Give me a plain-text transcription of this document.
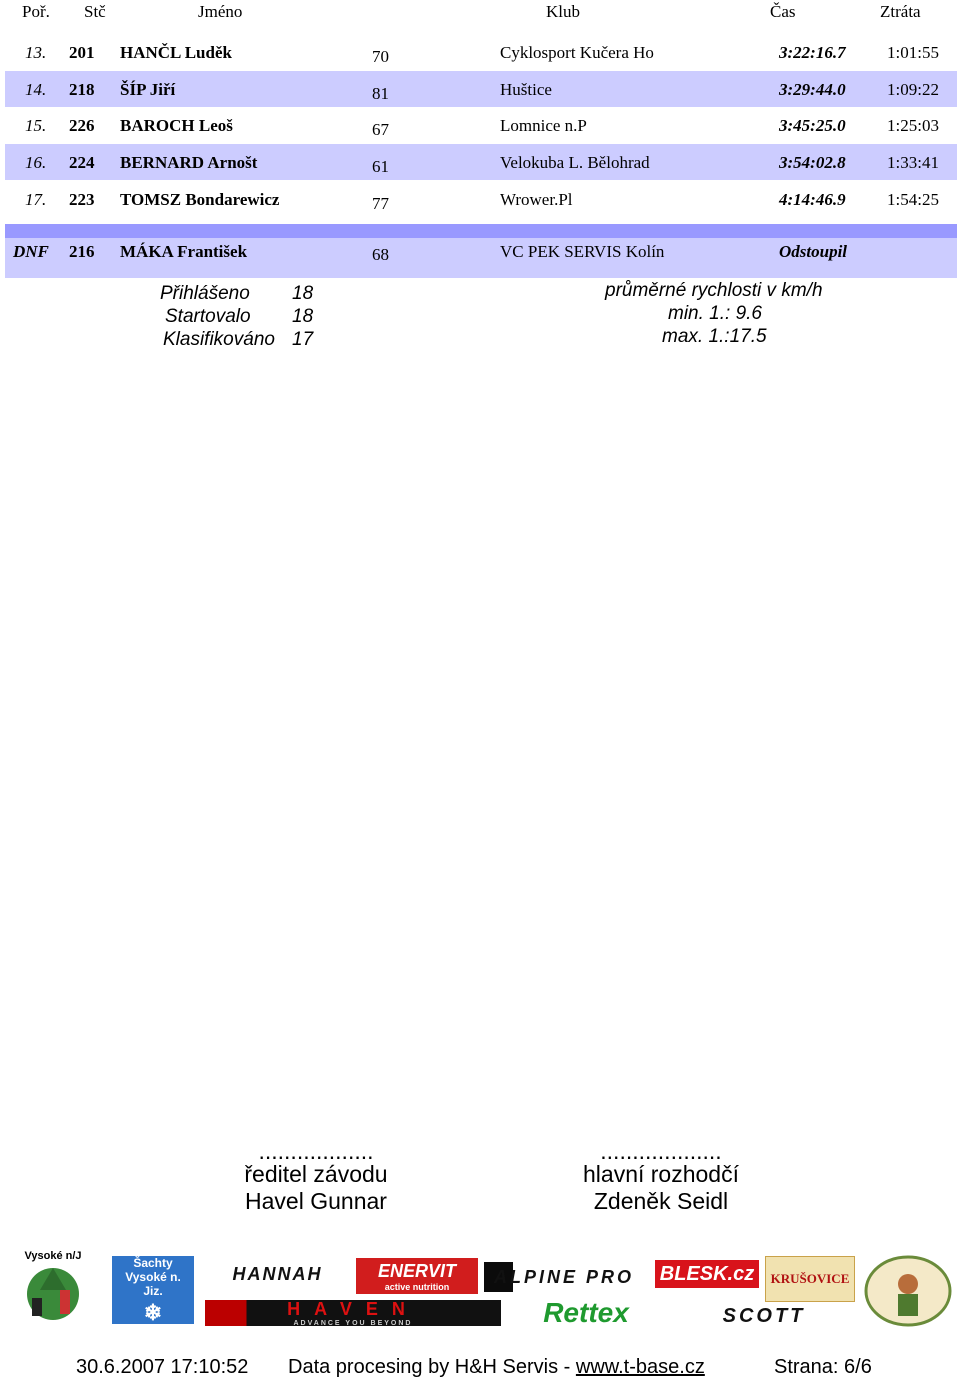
Poř. Stč	Jméno	Klub	Čas	Ztráta
13. 201 HANČL Luděk	70	Cyklosport Kučera Ho	3:22:16.7 1:01:55
14. 218 ŠÍP Jiří	81	Huštice	3:29:44.0 1:09:22
15. 226 BAROCH Leoš	67	Lomnice n.P	3:45:25.0 1:25:03
16. 224 BERNARD Arnošt	61	Velokuba L. Bělohrad	3:54:02.8 1:33:41
17. 223 TOMSZ Bondarewicz	77	Wrower.Pl	4:14:46.9 1:54:25
DNF 216 MÁKA František	68	VC PEK SERVIS Kolín	Odstoupil
Přihlášeno 18
Startovalo 18
Klasifikováno 17
průměrné rychlosti v km/h
min. 1.: 9.6
max. 1.:17.5
..................
ředitel závodu
Havel Gunnar
...................
hlavní rozhodčí
Zdeněk Seidl
Vysoké n/J	Šachty Vysoké n. Jiz.
❄
HANNAH	ENERVIT
active nutrition ALPINE PRO BLESK.cz KRUŠOVICE
HAVEN
ADVANCE YOU BEYOND	Rettex	SCOTT
30.6.2007 17:10:52 Data procesing by H&H Servis - www.t-base.cz	Strana: 6/6
